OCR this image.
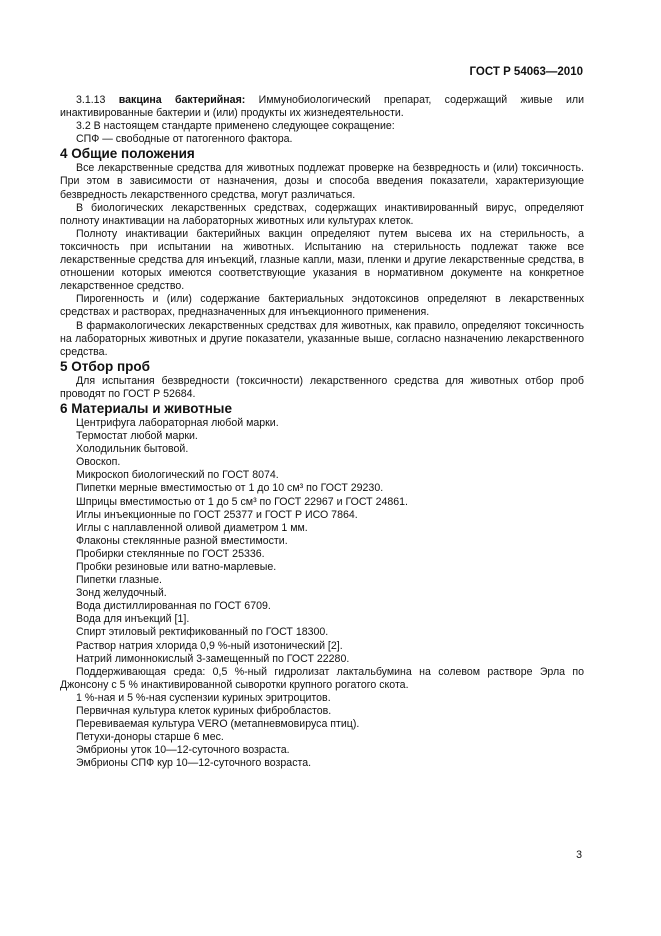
ГОСТ Р 54063—2010

3.1.13 вакцина бактерийная: Иммунобиологический препарат, содержащий живые или инактивированные бактерии и (или) продукты их жизнедеятельности.

3.2 В настоящем стандарте применено следующее сокращение:

СПФ — свободные от патогенного фактора.

4 Общие положения

Все лекарственные средства для животных подлежат проверке на безвредность и (или) токсичность. При этом в зависимости от назначения, дозы и способа введения показатели, характеризующие безвредность лекарственного средства, могут различаться.

В биологических лекарственных средствах, содержащих инактивированный вирус, определяют полноту инактивации на лабораторных животных или культурах клеток.

Полноту инактивации бактерийных вакцин определяют путем высева их на стерильность, а токсичность при испытании на животных. Испытанию на стерильность подлежат также все лекарственные средства для инъекций, глазные капли, мази, пленки и другие лекарственные средства, в отношении которых имеются соответствующие указания в нормативном документе на конкретное лекарственное средство.

Пирогенность и (или) содержание бактериальных эндотоксинов определяют в лекарственных средствах и растворах, предназначенных для инъекционного применения.

В фармакологических лекарственных средствах для животных, как правило, определяют токсичность на лабораторных животных и другие показатели, указанные выше, согласно назначению лекарственного средства.

5 Отбор проб

Для испытания безвредности (токсичности) лекарственного средства для животных отбор проб проводят по ГОСТ Р 52684.

6 Материалы и животные
Центрифуга лабораторная любой марки.
Термостат любой марки.
Холодильник бытовой.
Овоскоп.
Микроскоп биологический по ГОСТ 8074.
Пипетки мерные вместимостью от 1 до 10 см³ по ГОСТ 29230.
Шприцы вместимостью от 1 до 5 см³ по ГОСТ 22967 и ГОСТ 24861.
Иглы инъекционные по ГОСТ 25377 и ГОСТ Р ИСО 7864.
Иглы с наплавленной оливой диаметром 1 мм.
Флаконы стеклянные разной вместимости.
Пробирки стеклянные по ГОСТ 25336.
Пробки резиновые или ватно-марлевые.
Пипетки глазные.
Зонд желудочный.
Вода дистиллированная по ГОСТ 6709.
Вода для инъекций [1].
Спирт этиловый ректификованный по ГОСТ 18300.
Раствор натрия хлорида 0,9 %-ный изотонический [2].
Натрий лимоннокислый 3-замещенный по ГОСТ 22280.

Поддерживающая среда: 0,5 %-ный гидролизат лактальбумина на солевом растворе Эрла по Джонсону с 5 % инактивированной сыворотки крупного рогатого скота.

1 %-ная и 5 %-ная суспензии куриных эритроцитов.
Первичная культура клеток куриных фибробластов.
Перевиваемая культура VERO (метапневмовируса птиц).
Петухи-доноры старше 6 мес.
Эмбрионы уток 10—12-суточного возраста.
Эмбрионы СПФ кур 10—12-суточного возраста.
3
